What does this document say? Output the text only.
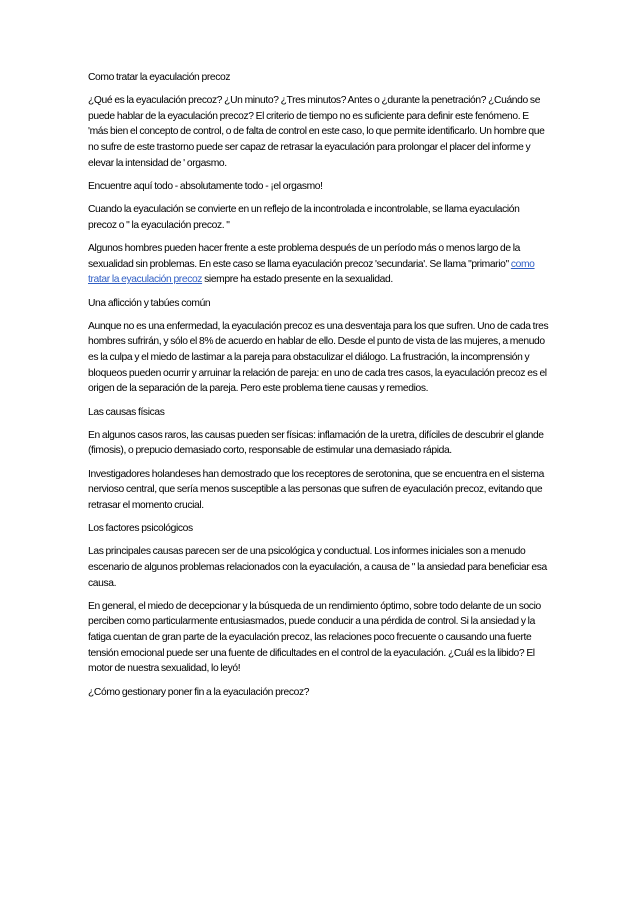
Como tratar la eyaculación precoz

¿Qué es la eyaculación precoz? ¿Un minuto? ¿Tres minutos? Antes o ¿durante la penetración? ¿Cuándo se puede hablar de la eyaculación precoz? El criterio de tiempo no es suficiente para definir este fenómeno. E 'más bien el concepto de control, o de falta de control en este caso, lo que permite identificarlo. Un hombre que no sufre de este trastorno puede ser capaz de retrasar la eyaculación para prolongar el placer del informe y elevar la intensidad de ' orgasmo.

Encuentre aquí todo - absolutamente todo - ¡el orgasmo!

Cuando la eyaculación se convierte en un reflejo de la incontrolada e incontrolable, se llama eyaculación precoz o " la eyaculación precoz. "

Algunos hombres pueden hacer frente a este problema después de un período más o menos largo de la sexualidad sin problemas. En este caso se llama eyaculación precoz 'secundaria'. Se llama "primario" como tratar la eyaculación precoz siempre ha estado presente en la sexualidad.

Una aflicción y tabúes común

Aunque no es una enfermedad, la eyaculación precoz es una desventaja para los que sufren. Uno de cada tres hombres sufrirán, y sólo el 8% de acuerdo en hablar de ello. Desde el punto de vista de las mujeres, a menudo es la culpa y el miedo de lastimar a la pareja para obstaculizar el diálogo. La frustración, la incomprensión y bloqueos pueden ocurrir y arruinar la relación de pareja: en uno de cada tres casos, la eyaculación precoz es el origen de la separación de la pareja. Pero este problema tiene causas y remedios.

Las causas físicas

En algunos casos raros, las causas pueden ser físicas: inflamación de la uretra, difíciles de descubrir el glande (fimosis), o prepucio demasiado corto, responsable de estimular una demasiado rápida.

Investigadores holandeses han demostrado que los receptores de serotonina, que se encuentra en el sistema nervioso central, que sería menos susceptible a las personas que sufren de eyaculación precoz, evitando que retrasar el momento crucial.

Los factores psicológicos

Las principales causas parecen ser de una psicológica y conductual. Los informes iniciales son a menudo escenario de algunos problemas relacionados con la eyaculación, a causa de " la ansiedad para beneficiar esa causa.

En general, el miedo de decepcionar y la búsqueda de un rendimiento óptimo, sobre todo delante de un socio perciben como particularmente entusiasmados, puede conducir a una pérdida de control. Si la ansiedad y la fatiga cuentan de gran parte de la eyaculación precoz, las relaciones poco frecuente o causando una fuerte tensión emocional puede ser una fuente de dificultades en el control de la eyaculación. ¿Cuál es la libido? El motor de nuestra sexualidad, lo leyó!

¿Cómo gestionary poner fin a la eyaculación precoz?
